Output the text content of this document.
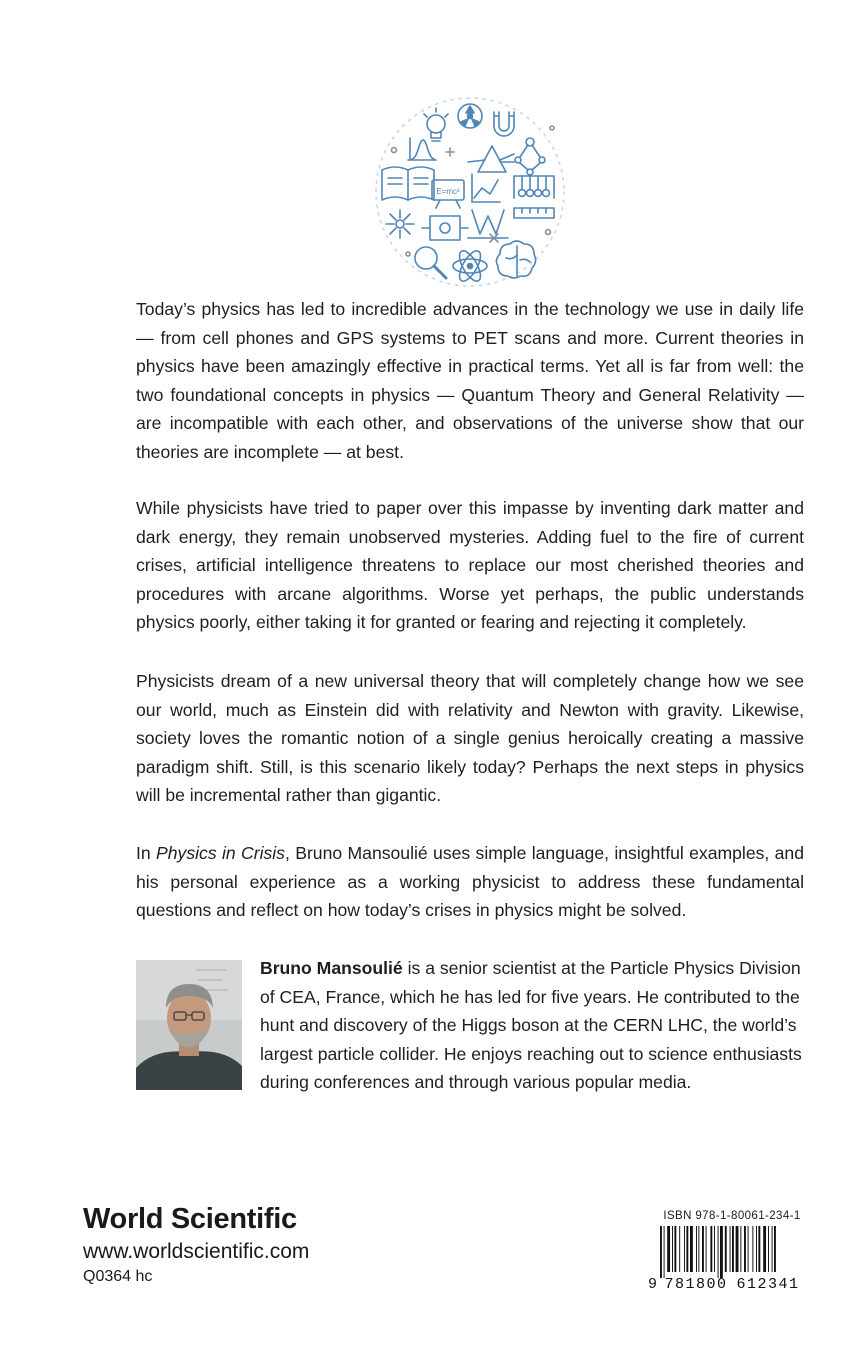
E=mc²

Today’s physics has led to incredible advances in the technology we use in daily life — from cell phones and GPS systems to PET scans and more. Current theories in physics have been amazingly effective in practical terms. Yet all is far from well: the two foundational concepts in physics — Quantum Theory and General Relativity — are incompatible with each other, and observations of the universe show that our theories are incomplete — at best.

While physicists have tried to paper over this impasse by inventing dark matter and dark energy, they remain unobserved mysteries. Adding fuel to the fire of current crises, artificial intelligence threatens to replace our most cherished theories and procedures with arcane algorithms. Worse yet perhaps, the public understands physics poorly, either taking it for granted or fearing and rejecting it completely.

Physicists dream of a new universal theory that will completely change how we see our world, much as Einstein did with relativity and Newton with gravity. Likewise, society loves the romantic notion of a single genius heroically creating a massive paradigm shift. Still, is this scenario likely today? Perhaps the next steps in physics will be incremental rather than gigantic.

In Physics in Crisis, Bruno Mansoulié uses simple language, insightful examples, and his personal experience as a working physicist to address these fundamental questions and reflect on how today’s crises in physics might be solved.

Bruno Mansoulié is a senior scientist at the Particle Physics Division of CEA, France, which he has led for five years. He contributed to the hunt and discovery of the Higgs boson at the CERN LHC, the world’s largest particle collider. He enjoys reaching out to science enthusiasts during conferences and through various popular media.

World Scientific
www.worldscientific.com
Q0364 hc
ISBN 978-1-80061-234-1
9 781800 612341
